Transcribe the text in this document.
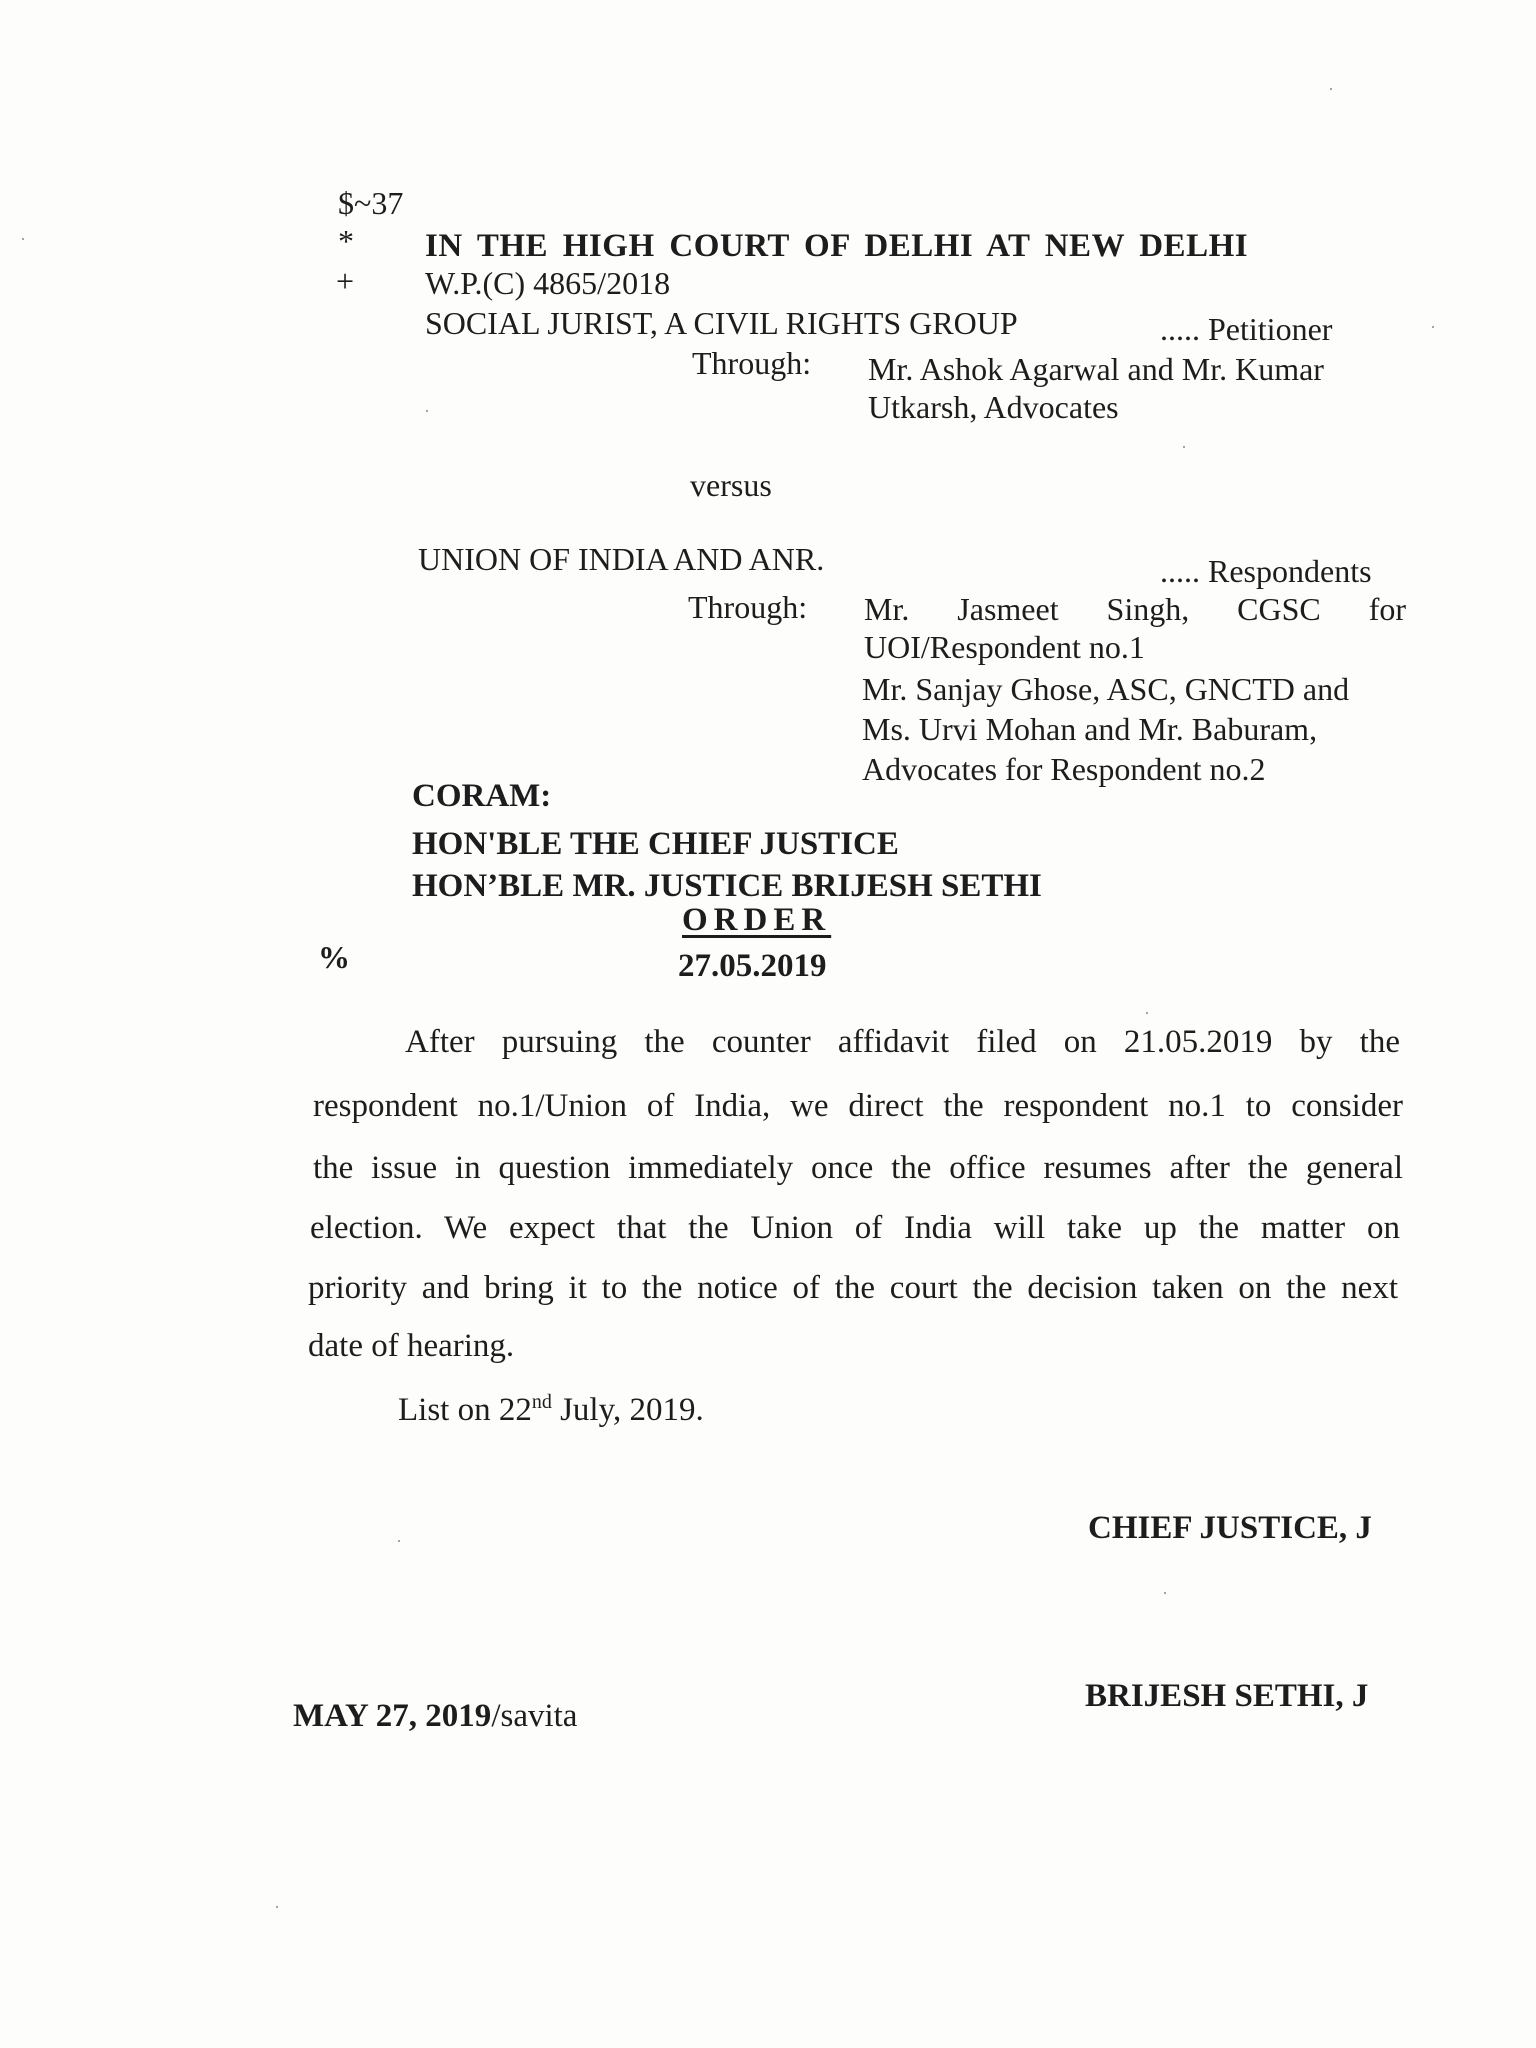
$~37
*
+
IN THE HIGH COURT OF DELHI AT NEW DELHI
W.P.(C) 4865/2018
SOCIAL JURIST, A CIVIL RIGHTS GROUP	..... Petitioner
Through: Mr. Ashok Agarwal and Mr. Kumar
Utkarsh, Advocates
versus
UNION OF INDIA AND ANR.	..... Respondents
Through: Mr. Jasmeet Singh, CGSC for
UOI/Respondent no.1
Mr. Sanjay Ghose, ASC, GNCTD and
Ms. Urvi Mohan and Mr. Baburam,
Advocates for Respondent no.2
CORAM:
HON'BLE THE CHIEF JUSTICE
HON’BLE MR. JUSTICE BRIJESH SETHI
ORDER
%	27.05.2019
After pursuing the counter affidavit filed on 21.05.2019 by the
respondent no.1/Union of India, we direct the respondent no.1 to consider
the issue in question immediately once the office resumes after the general
election. We expect that the Union of India will take up the matter on
priority and bring it to the notice of the court the decision taken on the next
date of hearing.
List on 22nd July, 2019.
CHIEF JUSTICE, J
BRIJESH SETHI, J
MAY 27, 2019/savita
